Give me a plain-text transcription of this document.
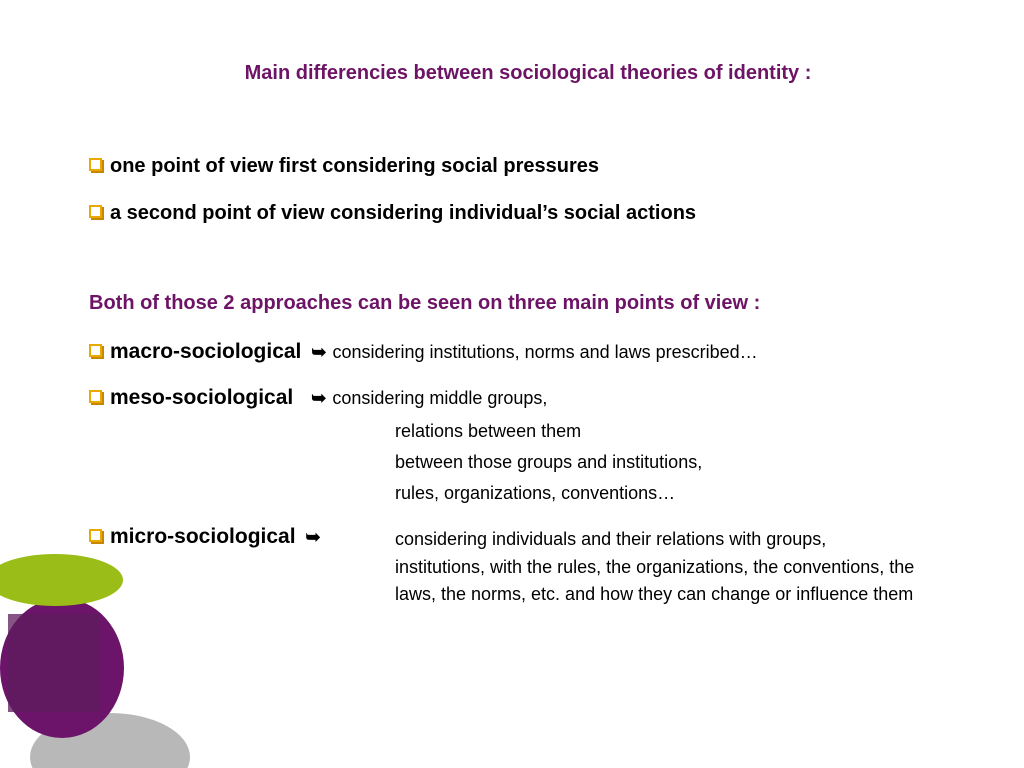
Main differencies between sociological theories of identity :
one point of view first considering social pressures
a second point of view considering individual’s social actions
Both of those 2 approaches can be seen on three main points of view :
macro-sociological ➥ considering institutions, norms and laws prescribed…
meso-sociological ➥ considering middle groups,
relations between them
between those groups and institutions,
rules, organizations, conventions…
micro-sociological ➥	considering individuals and their relations with groups, institutions, with the rules, the organizations, the conventions, the laws, the norms, etc. and how they can change or influence them
